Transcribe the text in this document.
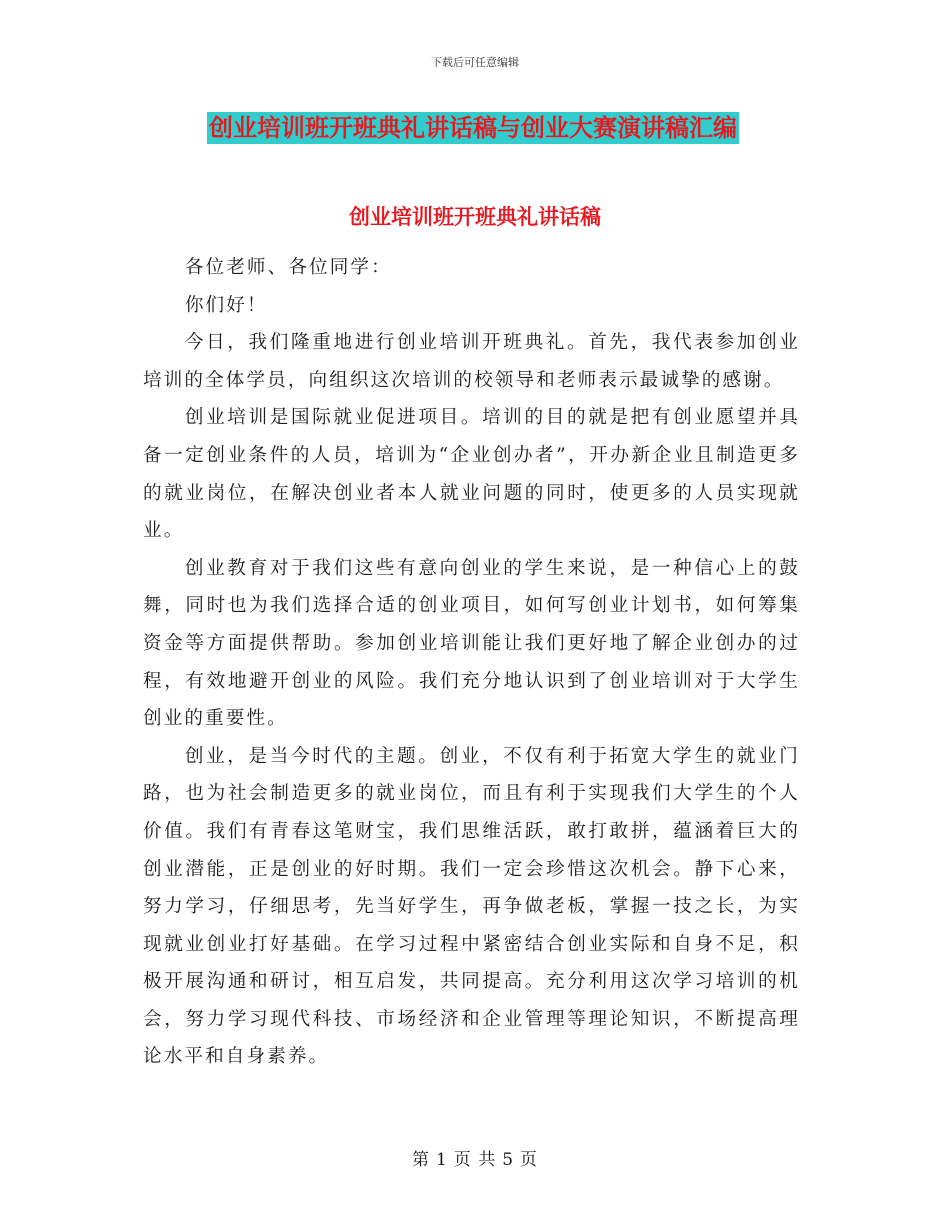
下载后可任意编辑
创业培训班开班典礼讲话稿与创业大赛演讲稿汇编
创业培训班开班典礼讲话稿

各位老师、各位同学：

你们好！

今日，我们隆重地进行创业培训开班典礼。首先，我代表参加创业培训的全体学员，向组织这次培训的校领导和老师表示最诚挚的感谢。

创业培训是国际就业促进项目。培训的目的就是把有创业愿望并具备一定创业条件的人员，培训为“企业创办者”，开办新企业且制造更多的就业岗位，在解决创业者本人就业问题的同时，使更多的人员实现就业。

创业教育对于我们这些有意向创业的学生来说，是一种信心上的鼓舞，同时也为我们选择合适的创业项目，如何写创业计划书，如何筹集资金等方面提供帮助。参加创业培训能让我们更好地了解企业创办的过程，有效地避开创业的风险。我们充分地认识到了创业培训对于大学生创业的重要性。

创业，是当今时代的主题。创业，不仅有利于拓宽大学生的就业门路，也为社会制造更多的就业岗位，而且有利于实现我们大学生的个人价值。我们有青春这笔财宝，我们思维活跃，敢打敢拼，蕴涵着巨大的创业潜能，正是创业的好时期。我们一定会珍惜这次机会。静下心来，努力学习，仔细思考，先当好学生，再争做老板，掌握一技之长，为实现就业创业打好基础。在学习过程中紧密结合创业实际和自身不足，积极开展沟通和研讨，相互启发，共同提高。充分利用这次学习培训的机会，努力学习现代科技、市场经济和企业管理等理论知识，不断提高理论水平和自身素养。

第 1 页 共 5 页
